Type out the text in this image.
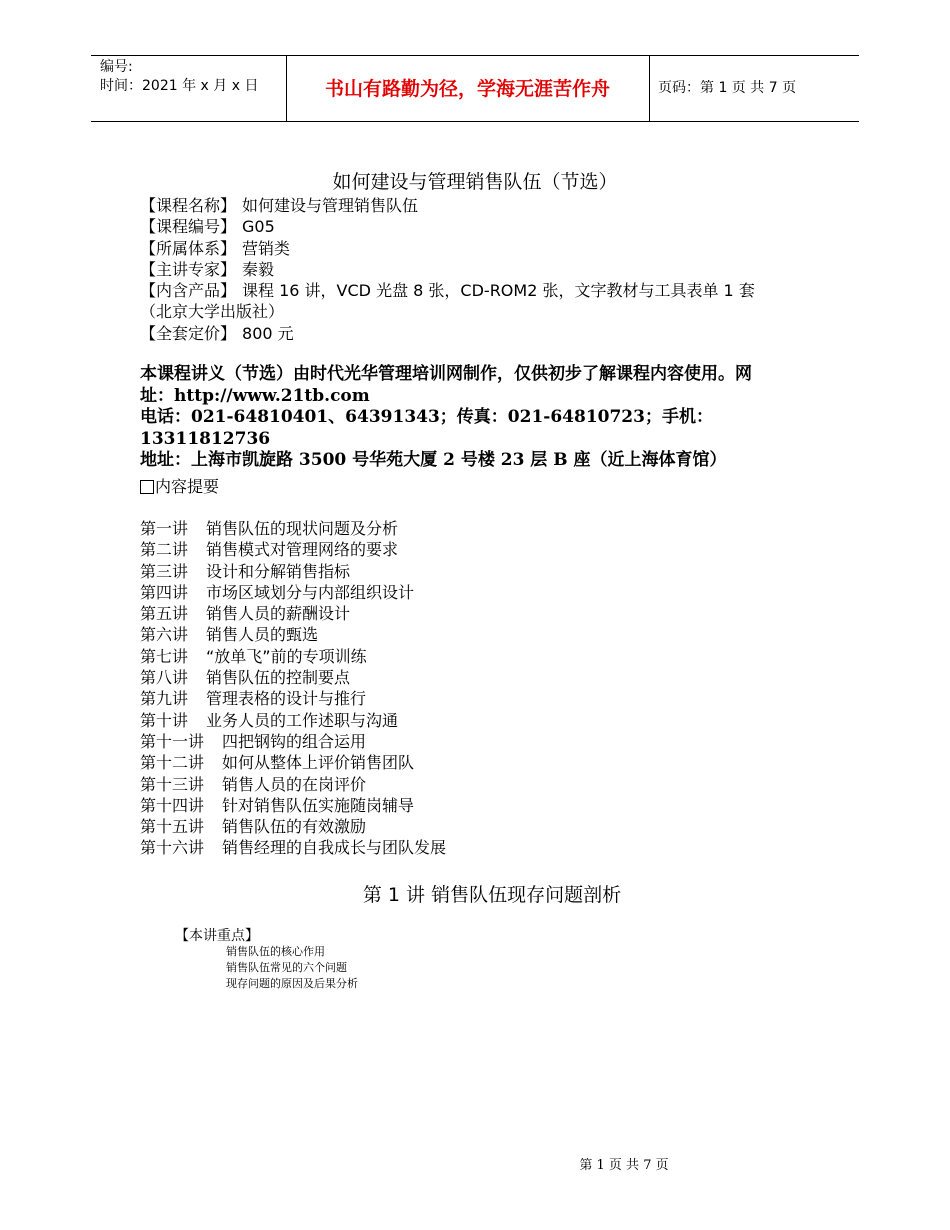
编号:
时间：2021 年 x 月 x 日	书山有路勤为径，学海无涯苦作舟	页码：第 1 页 共 7 页
如何建设与管理销售队伍（节选）
【课程名称】 如何建设与管理销售队伍
【课程编号】 G05
【所属体系】 营销类
【主讲专家】 秦毅
【内含产品】 课程 16 讲，VCD 光盘 8 张，CD-ROM2 张，文字教材与工具表单 1 套
（北京大学出版社）
【全套定价】 800 元

本课程讲义（节选）由时代光华管理培训网制作，仅供初步了解课程内容使用。网

址：http://www.21tb.com

电话：021-64810401、64391343；传真：021-64810723；手机：13311812736

地址：上海市凯旋路 3500 号华苑大厦 2 号楼 23 层 B 座（近上海体育馆）

内容提要
第一讲 销售队伍的现状问题及分析
第二讲 销售模式对管理网络的要求
第三讲 设计和分解销售指标
第四讲 市场区域划分与内部组织设计
第五讲 销售人员的薪酬设计
第六讲 销售人员的甄选
第七讲 “放单飞”前的专项训练
第八讲 销售队伍的控制要点
第九讲 管理表格的设计与推行
第十讲 业务人员的工作述职与沟通
第十一讲 四把钢钩的组合运用
第十二讲 如何从整体上评价销售团队
第十三讲 销售人员的在岗评价
第十四讲 针对销售队伍实施随岗辅导
第十五讲 销售队伍的有效激励
第十六讲 销售经理的自我成长与团队发展
第 1 讲 销售队伍现存问题剖析
【本讲重点】
销售队伍的核心作用
销售队伍常见的六个问题
现存问题的原因及后果分析
第 1 页 共 7 页
